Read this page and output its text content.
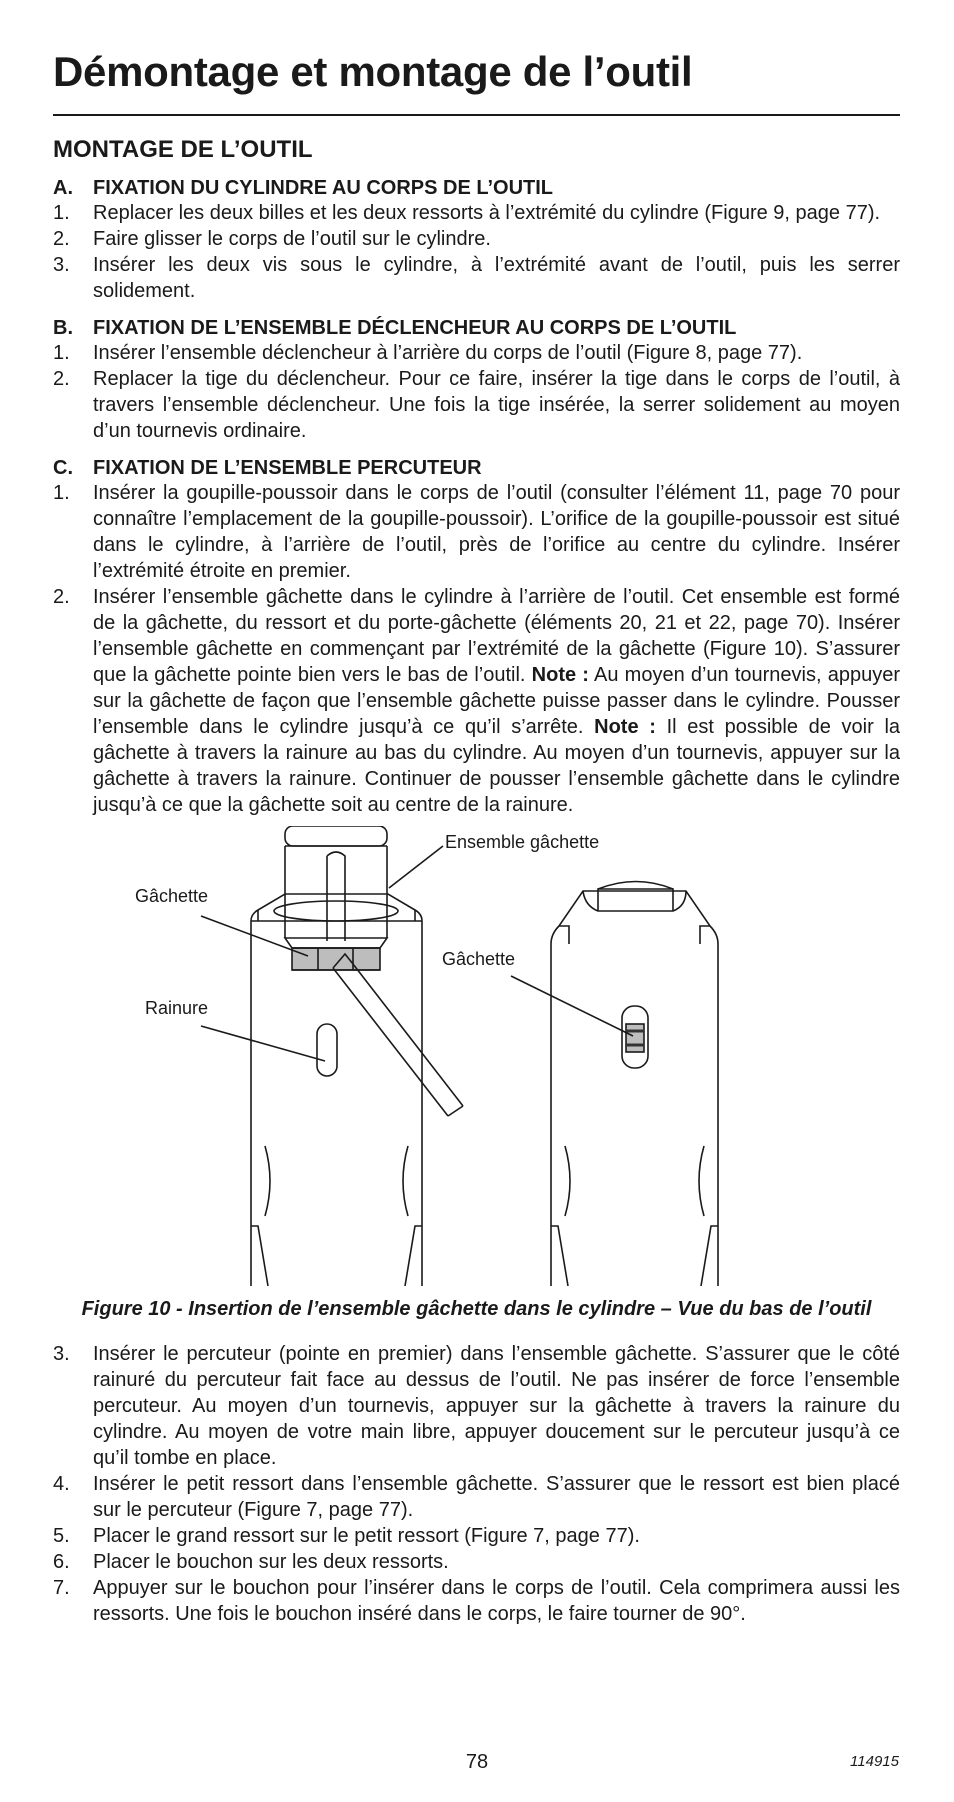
Démontage et montage de l’outil
MONTAGE DE L’OUTIL
A.	FIXATION DU CYLINDRE AU CORPS DE L’OUTIL
1.	Replacer les deux billes et les deux ressorts à l’extrémité du cylindre (Figure 9, page 77).
2.	Faire glisser le corps de l’outil sur le cylindre.
3.	Insérer les deux vis sous le cylindre, à l’extrémité avant de l’outil, puis les serrer solidement.
B.	FIXATION DE L’ENSEMBLE DÉCLENCHEUR AU CORPS DE L’OUTIL
1.	Insérer l’ensemble déclencheur à l’arrière du corps de l’outil (Figure 8, page 77).
2.	Replacer la tige du déclencheur. Pour ce faire, insérer la tige dans le corps de l’outil, à travers l’ensemble déclencheur. Une fois la tige insérée, la serrer solidement au moyen d’un tournevis ordinaire.
C.	FIXATION DE L’ENSEMBLE PERCUTEUR
1.	Insérer la goupille-poussoir dans le corps de l’outil (consulter l’élément 11, page 70 pour connaître l’emplacement de la goupille-poussoir). L’orifice de la goupille-poussoir est situé dans le cylindre, à l’arrière de l’outil, près de l’orifice au centre du cylindre. Insérer l’extrémité étroite en premier.
2.	Insérer l’ensemble gâchette dans le cylindre à l’arrière de l’outil. Cet ensemble est formé de la gâchette, du ressort et du porte-gâchette (éléments 20, 21 et 22, page 70). Insérer l’ensemble gâchette en commençant par l’extrémité de la gâchette (Figure 10). S’assurer que la gâchette pointe bien vers le bas de l’outil. Note : Au moyen d’un tournevis, appuyer sur la gâchette de façon que l’ensemble gâchette puisse passer dans le cylindre. Pousser l’ensemble dans le cylindre jusqu’à ce qu’il s’arrête. Note : Il est possible de voir la gâchette à travers la rainure au bas du cylindre. Au moyen d’un tournevis, appuyer sur la gâchette à travers la rainure. Continuer de pousser l’ensemble gâchette dans le cylindre jusqu’à ce que la gâchette soit au centre de la rainure.
Ensemble gâchette
Gâchette
Rainure
Gâchette
Figure 10 - Insertion de l’ensemble gâchette dans le cylindre – Vue du bas de l’outil
3.	Insérer le percuteur (pointe en premier) dans l’ensemble gâchette. S’assurer que le côté rainuré du percuteur fait face au dessus de l’outil. Ne pas insérer de force l’ensemble percuteur. Au moyen d’un tournevis, appuyer sur la gâchette à travers la rainure du cylindre. Au moyen de votre main libre, appuyer doucement sur le percuteur jusqu’à ce qu’il tombe en place.
4.	Insérer le petit ressort dans l’ensemble gâchette. S’assurer que le ressort est bien placé sur le percuteur (Figure 7, page 77).
5.	Placer le grand ressort sur le petit ressort (Figure 7, page 77).
6.	Placer le bouchon sur les deux ressorts.
7.	Appuyer sur le bouchon pour l’insérer dans le corps de l’outil. Cela comprimera aussi les ressorts. Une fois le bouchon inséré dans le corps, le faire tourner de 90°.
78	114915
